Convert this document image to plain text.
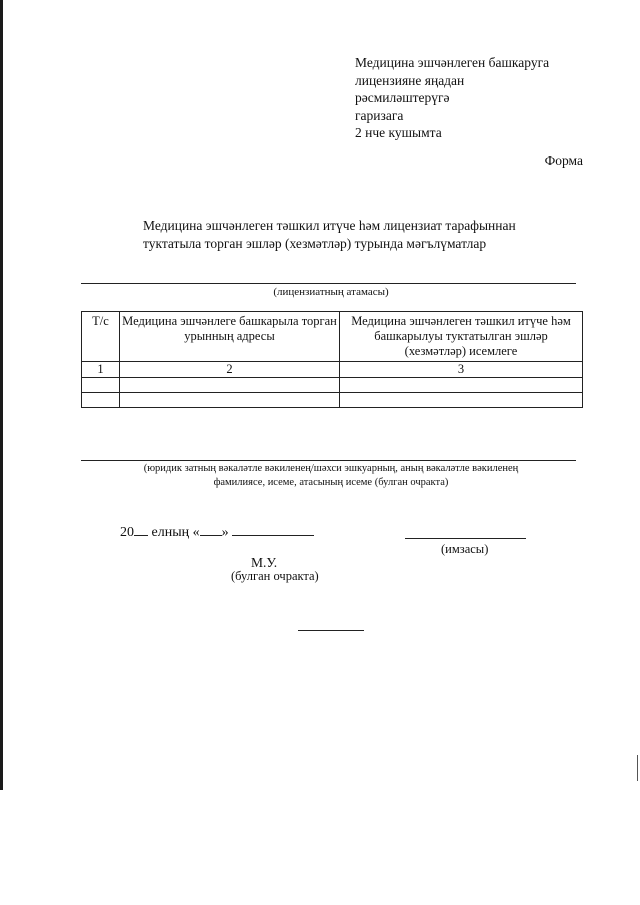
Медицина эшчәнлеген башкаруга
лицензияне яңадан
рәсмиләштерүгә
гаризага
2 нче кушымта
Форма
Медицина эшчәнлеген тәшкил итүче һәм лицензиат тарафыннан
туктатыла торган эшләр (хезмәтләр) турында мәгълүматлар
(лицензиатның атамасы)
Т/с	Медицина эшчәнлеге башкарыла торган урынның адресы	Медицина эшчәнлеген тәшкил итүче һәм башкарылуы туктатылган эшләр (хезмәтләр) исемлеге
1	2	3

(юридик затның вәкаләтле вәкиленең/шәхси эшкуарның, аның вәкаләтле вәкиленең
фамилиясе, исеме, атасының исеме (булган очракта)
20 елның « »
(имзасы)
М.У.
(булган очракта)
